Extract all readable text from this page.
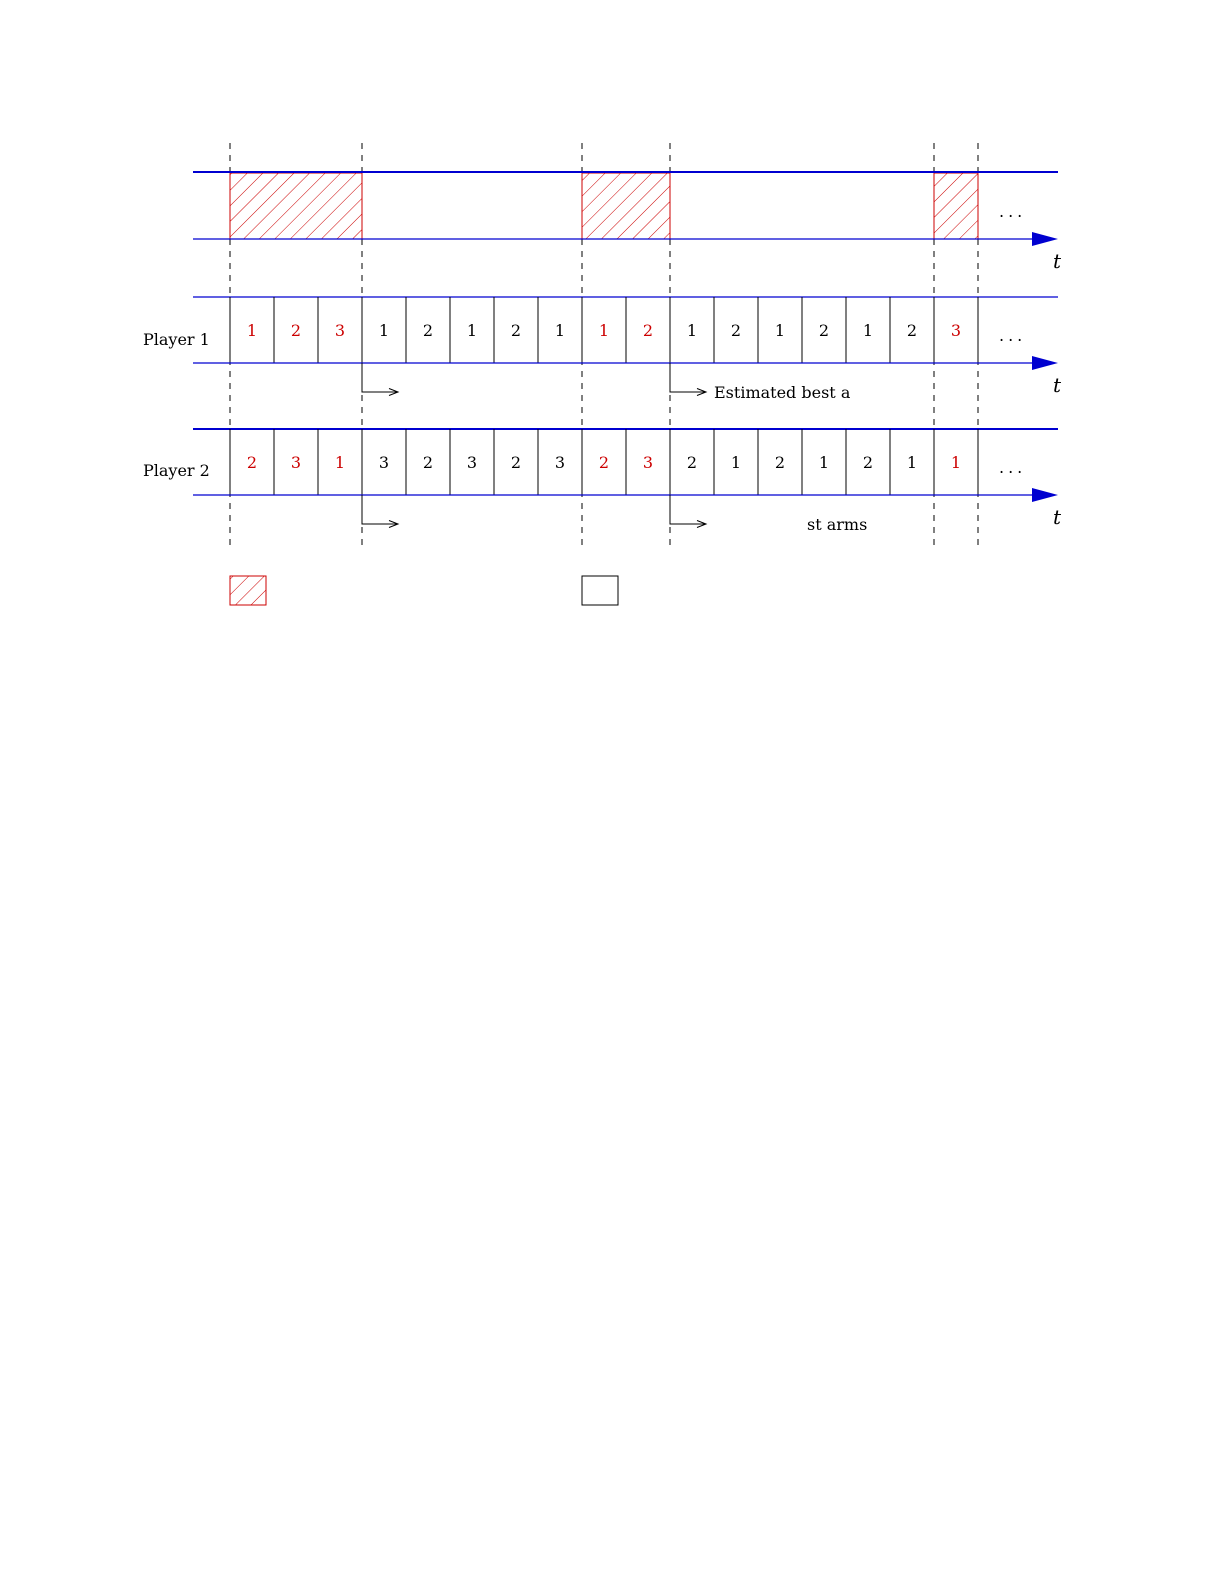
...
t
Player 1 1 2 3 1 2 1 2 1 1 2 1 2 1 2 1 2 3 ...
t
Estimated best a
Player 2 2 3 1 3 2 3 2 3 2 3 2 1 2 1 2 1 1 ...
t
st arms
